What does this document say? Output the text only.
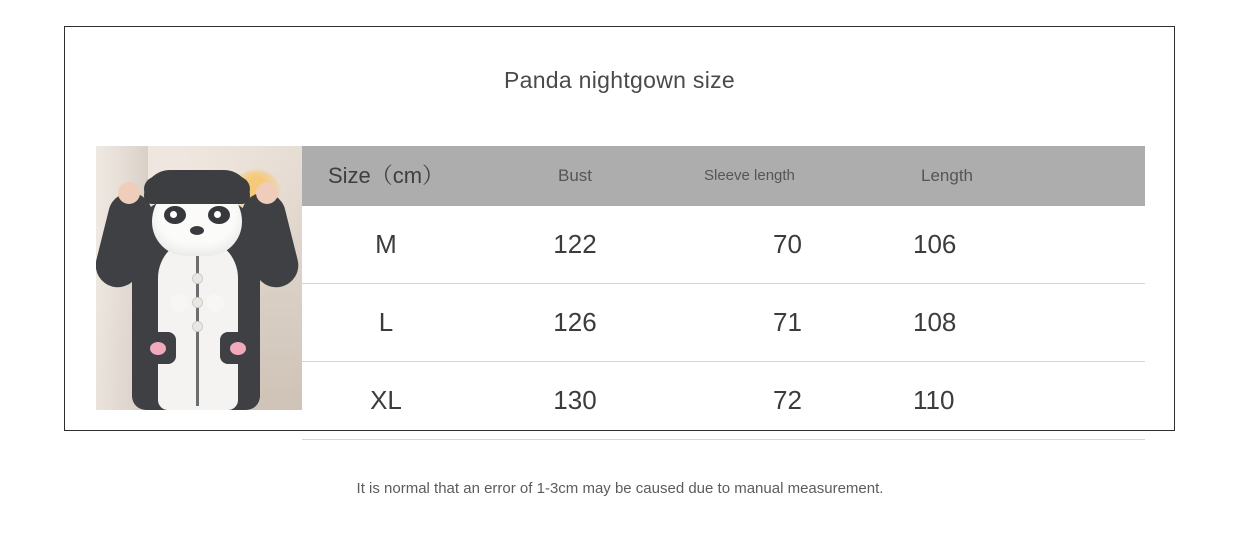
Panda nightgown size
Size（cm）	Bust	Sleeve length	Length
M	122	70	106
L	126	71	108
XL	130	72	110
It is normal that an error of 1-3cm may be caused due to manual measurement.
